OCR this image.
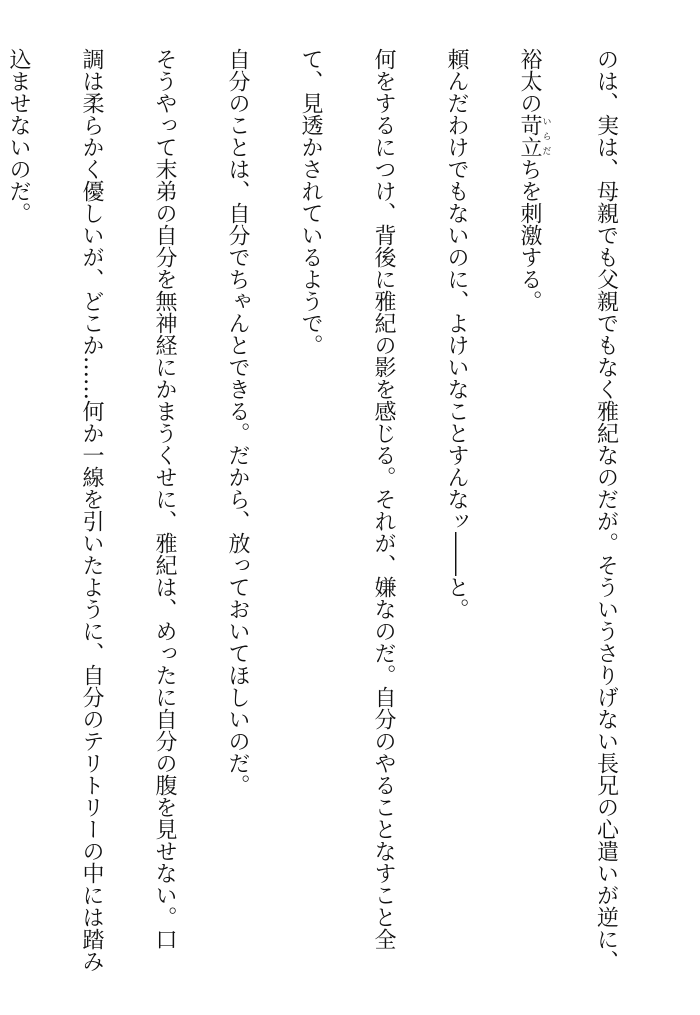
のは、実は、母親でも父親でもなく雅紀なのだが。そういうさりげない長兄の心遣いが逆に、

裕太の苛立いらだちを刺激する。

頼んだわけでもないのに、よけいなことすんなッ――と。

何をするにつけ、背後に雅紀の影を感じる。それが、嫌なのだ。自分のやることなすこと全

て、見透かされているようで。

自分のことは、自分でちゃんとできる。だから、放っておいてほしいのだ。

そうやって末弟の自分を無神経にかまうくせに、雅紀は、めったに自分の腹を見せない。口

調は柔らかく優しいが、どこか……何か一線を引いたように、自分のテリトリーの中には踏み

込ませないのだ。
